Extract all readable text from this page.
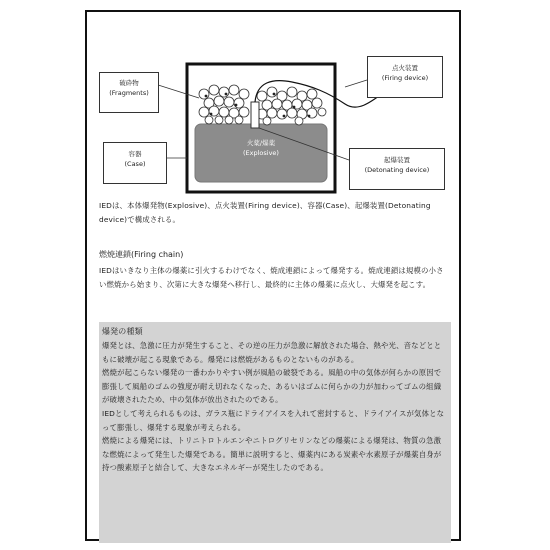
破砕物
(Fragments)
容器
(Case)
点火装置
(Firing device)
起爆装置
(Detonating device)
火薬/爆薬
(Explosive)
IEDは、本体爆発物(Explosive)、点火装置(Firing device)、容器(Case)、起爆装置(Detonating device)で構成される。
燃焼連鎖(Firing chain)
IEDはいきなり主体の爆薬に引火するわけでなく、焼成連鎖によって爆発する。焼成連鎖は規模の小さい燃焼から始まり、次第に大きな爆発へ移行し、最終的に主体の爆薬に点火し、大爆発を起こす。

爆発の種類

爆発とは、急激に圧力が発生すること、その逆の圧力が急激に解放された場合、熱や光、音などとともに破壊が起こる現象である。爆発には燃焼があるものとないものがある。

燃焼が起こらない爆発の一番わかりやすい例が風船の破裂である。風船の中の気体が何らかの原因で膨張して風船のゴムの強度が耐え切れなくなった、あるいはゴムに何らかの力が加わってゴムの組織が破壊されたため、中の気体が放出されたのである。

IEDとして考えられるものは、ガラス瓶にドライアイスを入れて密封すると、ドライアイスが気体となって膨張し、爆発する現象が考えられる。

燃焼による爆発には、トリニトロトルエンやニトログリセリンなどの爆薬による爆発は、物質の急激な燃焼によって発生した爆発である。簡単に説明すると、爆薬内にある炭素や水素原子が爆薬自身が持つ酸素原子と結合して、大きなエネルギーが発生したのである。
